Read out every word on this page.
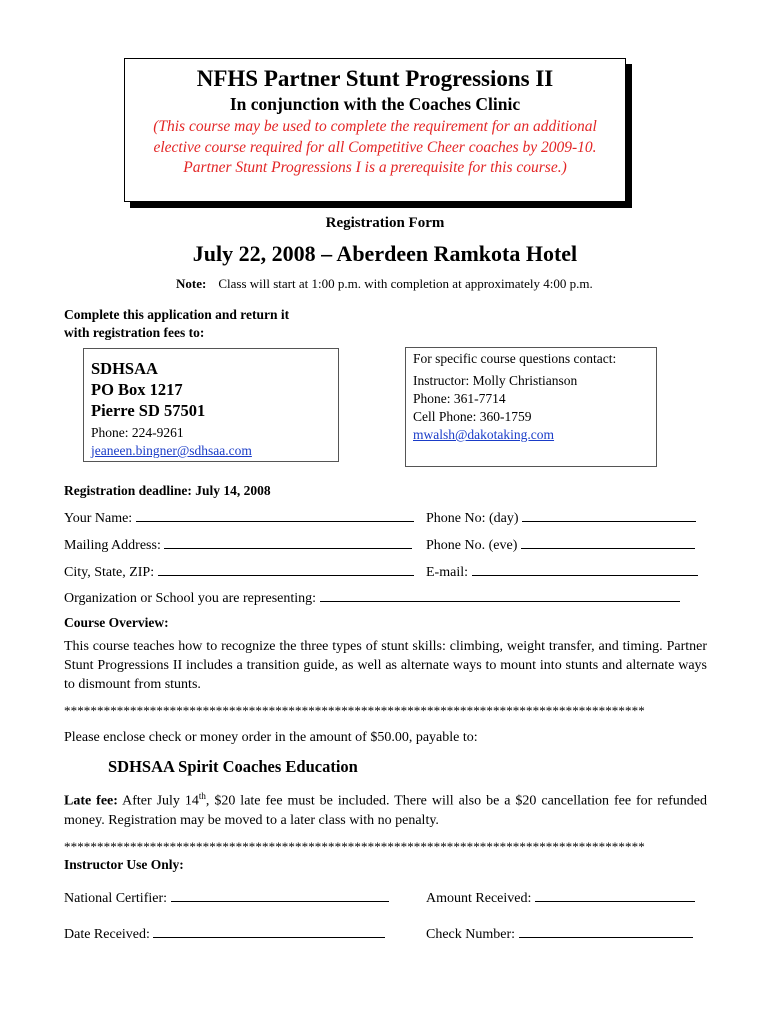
NFHS Partner Stunt Progressions II
In conjunction with the Coaches Clinic
(This course may be used to complete the requirement for an additional elective course required for all Competitive Cheer coaches by 2009-10. Partner Stunt Progressions I is a prerequisite for this course.)
Registration Form
July 22, 2008 – Aberdeen Ramkota Hotel
Note: Class will start at 1:00 p.m. with completion at approximately 4:00 p.m.
Complete this application and return it
with registration fees to:
SDHSAA
PO Box 1217
Pierre SD 57501
Phone: 224-9261
jeaneen.bingner@sdhsaa.com
For specific course questions contact:
Instructor: Molly Christianson
Phone: 361-7714
Cell Phone: 360-1759
mwalsh@dakotaking.com
Registration deadline: July 14, 2008
Your Name:	Phone No: (day)
Mailing Address:	Phone No. (eve)
City, State, ZIP:	E-mail:
Organization or School you are representing:
Course Overview:
This course teaches how to recognize the three types of stunt skills: climbing, weight transfer, and timing. Partner Stunt Progressions II includes a transition guide, as well as alternate ways to mount into stunts and alternate ways to dismount from stunts.
****************************************************************************************
Please enclose check or money order in the amount of $50.00, payable to:
SDHSAA Spirit Coaches Education
Late fee: After July 14th, $20 late fee must be included. There will also be a $20 cancellation fee for refunded money. Registration may be moved to a later class with no penalty.
****************************************************************************************
Instructor Use Only:
National Certifier:	Amount Received:
Date Received:	Check Number:
